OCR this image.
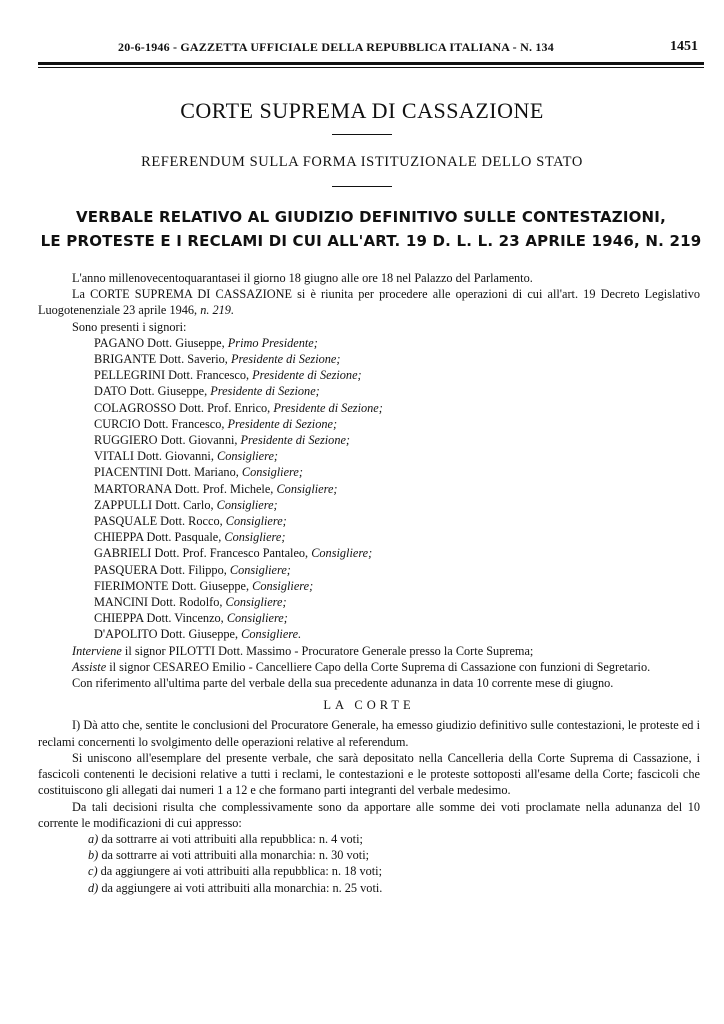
20-6-1946 - GAZZETTA UFFICIALE DELLA REPUBBLICA ITALIANA - N. 134	1451
CORTE SUPREMA DI CASSAZIONE
REFERENDUM SULLA FORMA ISTITUZIONALE DELLO STATO
VERBALE RELATIVO AL GIUDIZIO DEFINITIVO SULLE CONTESTAZIONI,
LE PROTESTE E I RECLAMI DI CUI ALL'ART. 19 D. L. L. 23 APRILE 1946, N. 219

L'anno millenovecentoquarantasei il giorno 18 giugno alle ore 18 nel Palazzo del Parlamento.

La CORTE SUPREMA DI CASSAZIONE si è riunita per procedere alle operazioni di cui all'art. 19 Decreto Legislativo Luogotenenziale 23 aprile 1946, n. 219.

Sono presenti i signori:

PAGANO Dott. Giuseppe, Primo Presidente;

BRIGANTE Dott. Saverio, Presidente di Sezione;

PELLEGRINI Dott. Francesco, Presidente di Sezione;

DATO Dott. Giuseppe, Presidente di Sezione;

COLAGROSSO Dott. Prof. Enrico, Presidente di Sezione;

CURCIO Dott. Francesco, Presidente di Sezione;

RUGGIERO Dott. Giovanni, Presidente di Sezione;

VITALI Dott. Giovanni, Consigliere;

PIACENTINI Dott. Mariano, Consigliere;

MARTORANA Dott. Prof. Michele, Consigliere;

ZAPPULLI Dott. Carlo, Consigliere;

PASQUALE Dott. Rocco, Consigliere;

CHIEPPA Dott. Pasquale, Consigliere;

GABRIELI Dott. Prof. Francesco Pantaleo, Consigliere;

PASQUERA Dott. Filippo, Consigliere;

FIERIMONTE Dott. Giuseppe, Consigliere;

MANCINI Dott. Rodolfo, Consigliere;

CHIEPPA Dott. Vincenzo, Consigliere;

D'APOLITO Dott. Giuseppe, Consigliere.

Interviene il signor PILOTTI Dott. Massimo - Procuratore Generale presso la Corte Suprema;

Assiste il signor CESAREO Emilio - Cancelliere Capo della Corte Suprema di Cassazione con funzioni di Segretario.

Con riferimento all'ultima parte del verbale della sua precedente adunanza in data 10 corrente mese di giugno.

LA CORTE

I) Dà atto che, sentite le conclusioni del Procuratore Generale, ha emesso giudizio definitivo sulle contestazioni, le proteste ed i reclami concernenti lo svolgimento delle operazioni relative al referendum.

Si uniscono all'esemplare del presente verbale, che sarà depositato nella Cancelleria della Corte Suprema di Cassazione, i fascicoli contenenti le decisioni relative a tutti i reclami, le contestazioni e le proteste sottoposti all'esame della Corte; fascicoli che costituiscono gli allegati dai numeri 1 a 12 e che formano parti integranti del verbale medesimo.

Da tali decisioni risulta che complessivamente sono da apportare alle somme dei voti proclamate nella adunanza del 10 corrente le modificazioni di cui appresso:

a) da sottrarre ai voti attribuiti alla repubblica: n. 4 voti;

b) da sottrarre ai voti attribuiti alla monarchia: n. 30 voti;

c) da aggiungere ai voti attribuiti alla repubblica: n. 18 voti;

d) da aggiungere ai voti attribuiti alla monarchia: n. 25 voti.
